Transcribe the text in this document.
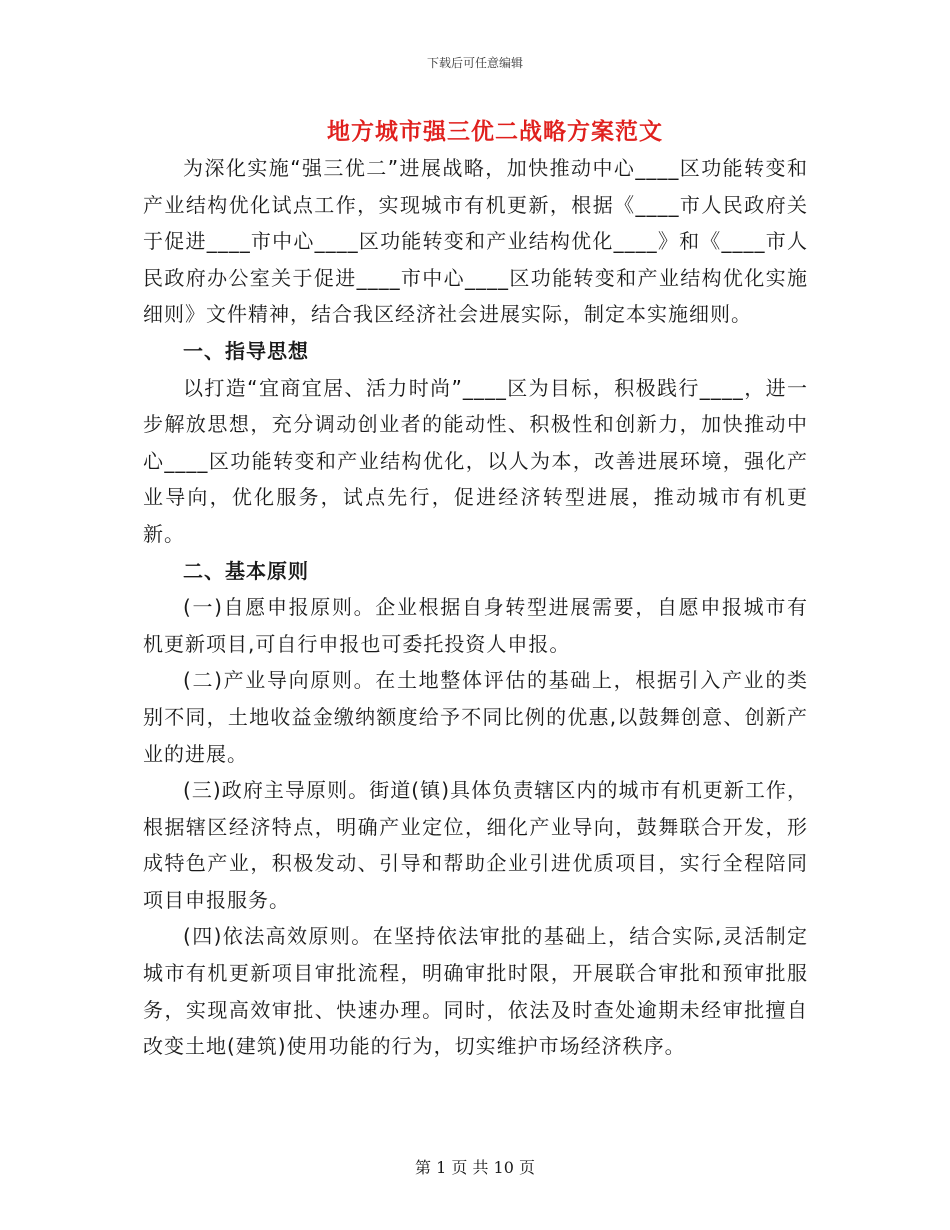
下载后可任意编辑
地方城市强三优二战略方案范文

为深化实施“强三优二”进展战略，加快推动中心____区功能转变和产业结构优化试点工作，实现城市有机更新，根据《____市人民政府关于促进____市中心____区功能转变和产业结构优化____》和《____市人民政府办公室关于促进____市中心____区功能转变和产业结构优化实施细则》文件精神，结合我区经济社会进展实际，制定本实施细则。

一、指导思想

以打造“宜商宜居、活力时尚”____区为目标，积极践行____，进一步解放思想，充分调动创业者的能动性、积极性和创新力，加快推动中心____区功能转变和产业结构优化，以人为本，改善进展环境，强化产业导向，优化服务，试点先行，促进经济转型进展，推动城市有机更新。

二、基本原则

(一)自愿申报原则。企业根据自身转型进展需要，自愿申报城市有机更新项目,可自行申报也可委托投资人申报。

(二)产业导向原则。在土地整体评估的基础上，根据引入产业的类别不同，土地收益金缴纳额度给予不同比例的优惠,以鼓舞创意、创新产业的进展。

(三)政府主导原则。街道(镇)具体负责辖区内的城市有机更新工作，根据辖区经济特点，明确产业定位，细化产业导向，鼓舞联合开发，形成特色产业，积极发动、引导和帮助企业引进优质项目，实行全程陪同项目申报服务。

(四)依法高效原则。在坚持依法审批的基础上，结合实际,灵活制定城市有机更新项目审批流程，明确审批时限，开展联合审批和预审批服务，实现高效审批、快速办理。同时，依法及时查处逾期未经审批擅自改变土地(建筑)使用功能的行为，切实维护市场经济秩序。

第 1 页 共 10 页
